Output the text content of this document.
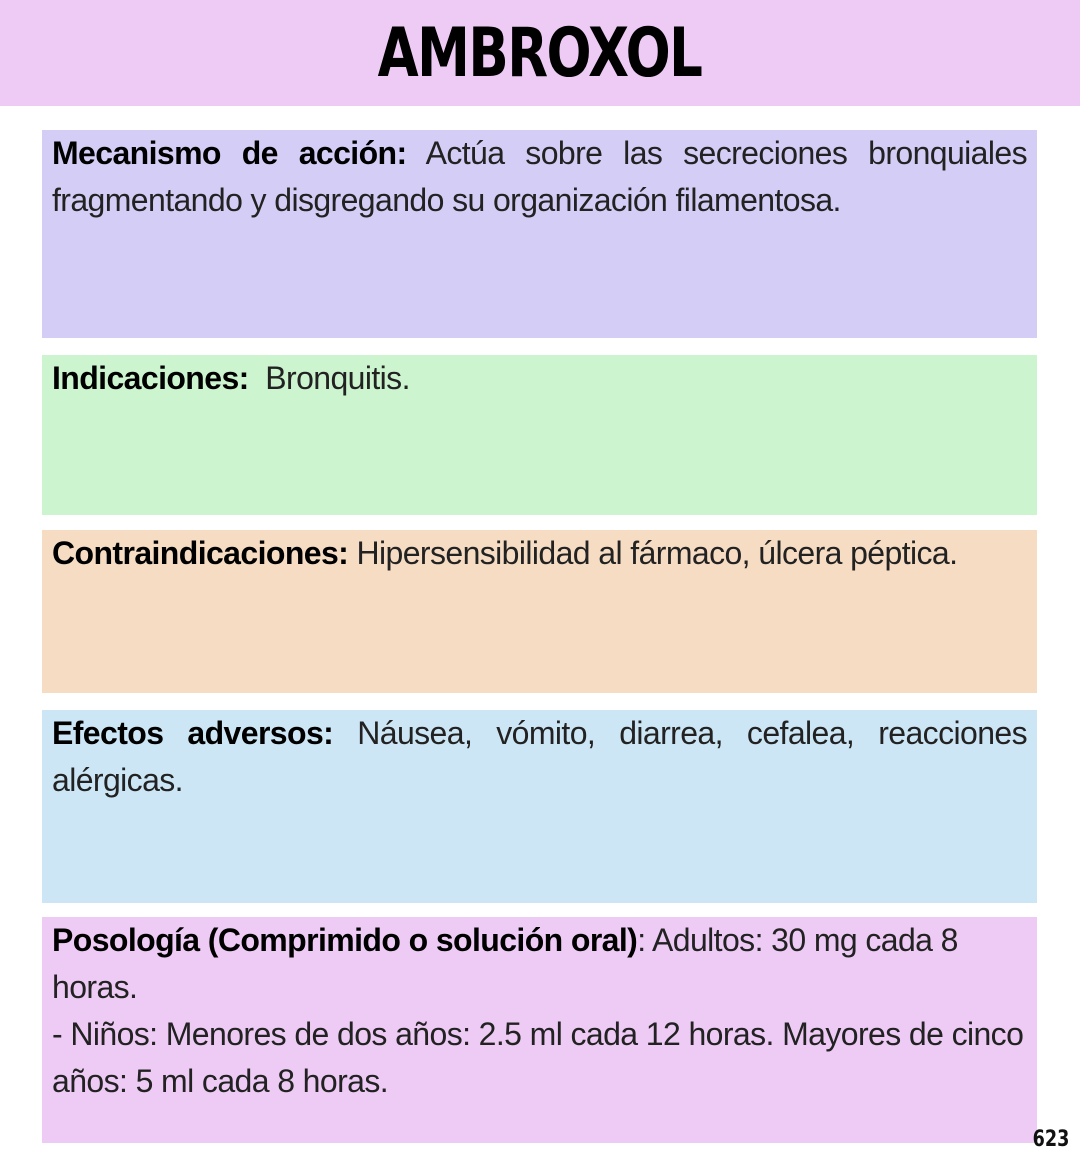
AMBROXOL
Mecanismo de acción: Actúa sobre las secreciones bronquiales fragmentando y disgregando su organización filamentosa.
Indicaciones:  Bronquitis.
Contraindicaciones: Hipersensibilidad al fármaco, úlcera péptica.
Efectos adversos: Náusea, vómito, diarrea, cefalea, reacciones alérgicas.
Posología (Comprimido o solución oral): Adultos: 30 mg cada 8 horas.
- Niños: Menores de dos años: 2.5 ml cada 12 horas. Mayores de cinco años: 5 ml cada 8 horas.
623
